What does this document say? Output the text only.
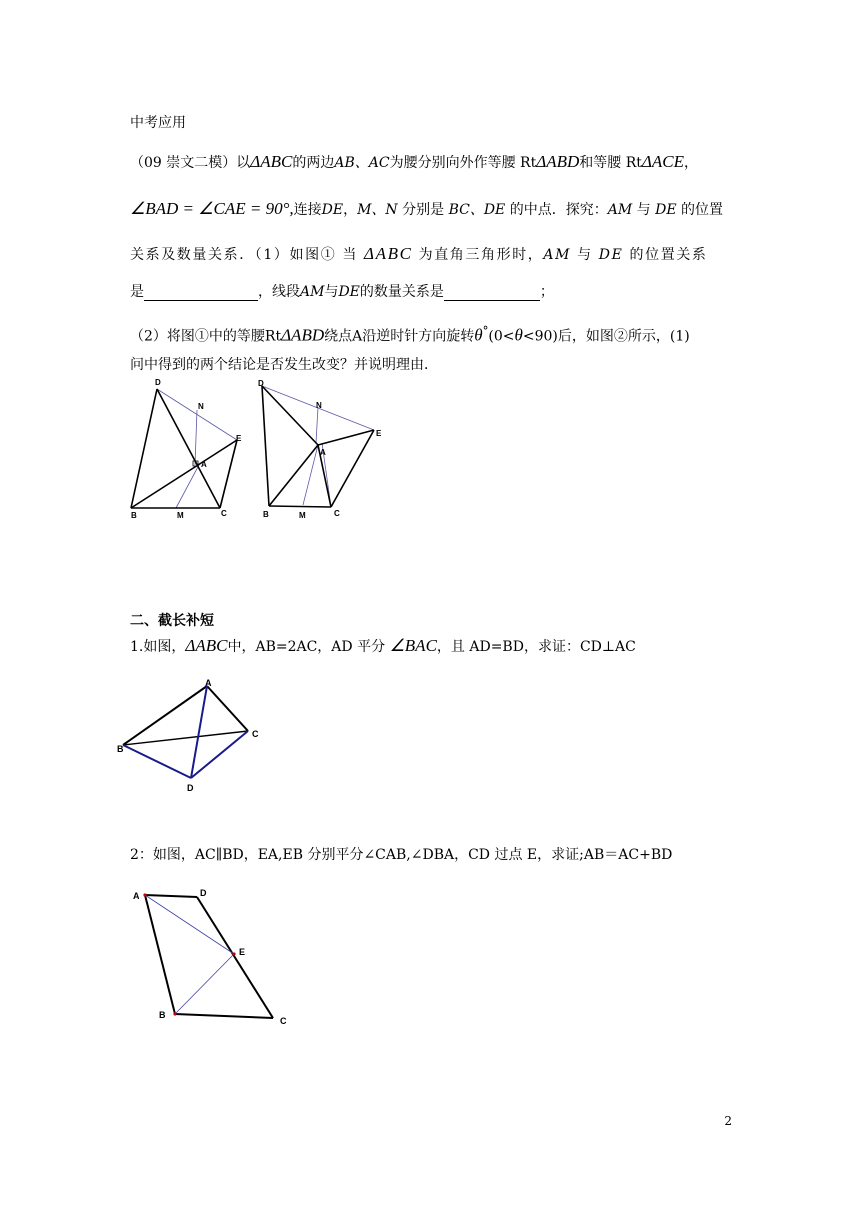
中考应用
（09 崇文二模）以ΔABC的两边AB、AC为腰分别向外作等腰 RtΔABD和等腰 RtΔACE，
∠BAD = ∠CAE = 90°,连接DE，M、N 分别是 BC、DE 的中点．探究：AM 与 DE 的位置
关系及数量关系．（1）如图① 当 ΔABC 为直角三角形时，AM 与 DE 的位置关系
是	，线段AM与DE的数量关系是	；
（2）将图①中的等腰RtΔABD绕点A沿逆时针方向旋转θ°(0<θ<90)后，如图②所示，(1)
问中得到的两个结论是否发生改变？并说明理由．
D
N
E
A
B	M	C
D
N
E
A
B	M	C
A
B
C
D
A	D
E
B
C
二、截长补短
1.如图，ΔABC中，AB=2AC，AD 平分 ∠BAC，且 AD=BD，求证：CD⊥AC
2：如图，AC∥BD，EA,EB 分别平分∠CAB,∠DBA，CD 过点 E，求证;AB＝AC+BD
2
